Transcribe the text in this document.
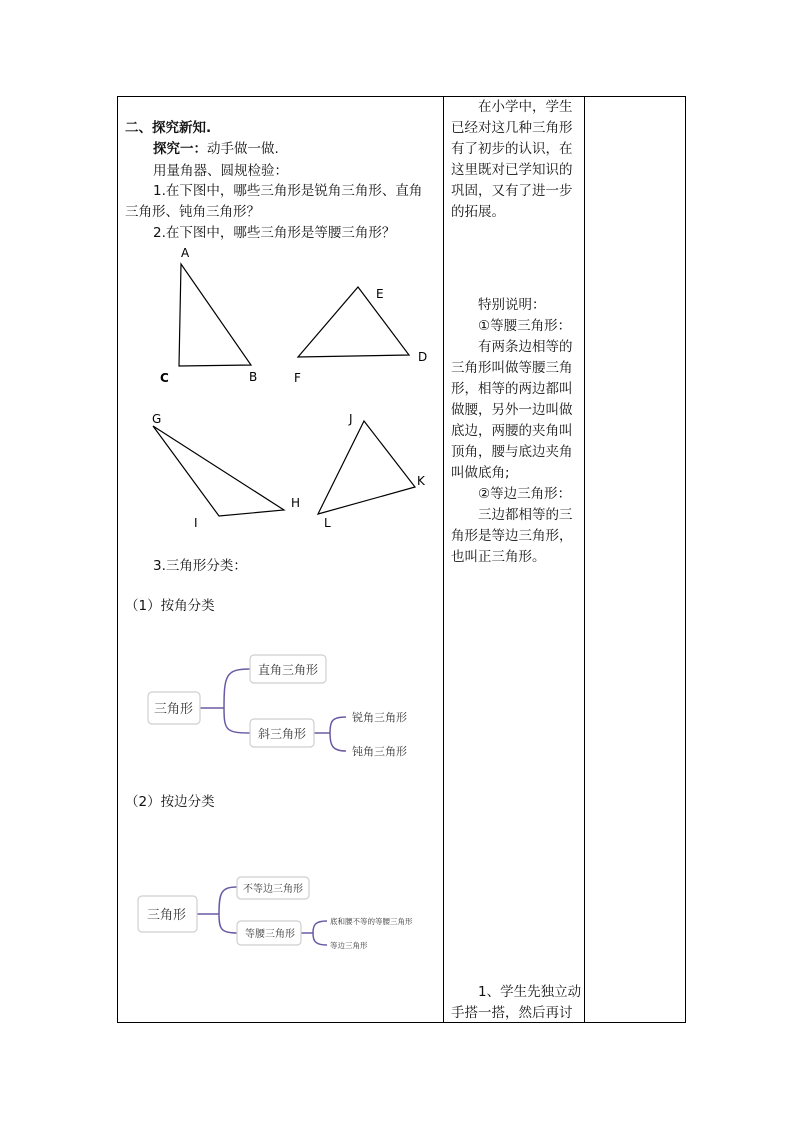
二、探究新知.
探究一：动手做一做.
用量角器、圆规检验：
1.在下图中，哪些三角形是锐角三角形、直角
三角形、钝角三角形？
2.在下图中，哪些三角形是等腰三角形？
A
C	B
E
D
F
G
H
I
J
K
L
3.三角形分类：
（1）按角分类
三角形
直角三角形
斜三角形
锐角三角形
钝角三角形
（2）按边分类
三角形
不等边三角形
等腰三角形
底和腰不等的等腰三角形
等边三角形
在小学中，学生
已经对这几种三角形
有了初步的认识，在
这里既对已学知识的
巩固，又有了进一步
的拓展。
特别说明：
①等腰三角形：
有两条边相等的
三角形叫做等腰三角
形，相等的两边都叫
做腰，另外一边叫做
底边，两腰的夹角叫
顶角，腰与底边夹角
叫做底角;
②等边三角形：
三边都相等的三
角形是等边三角形，
也叫正三角形。
1、学生先独立动
手搭一搭，然后再讨
